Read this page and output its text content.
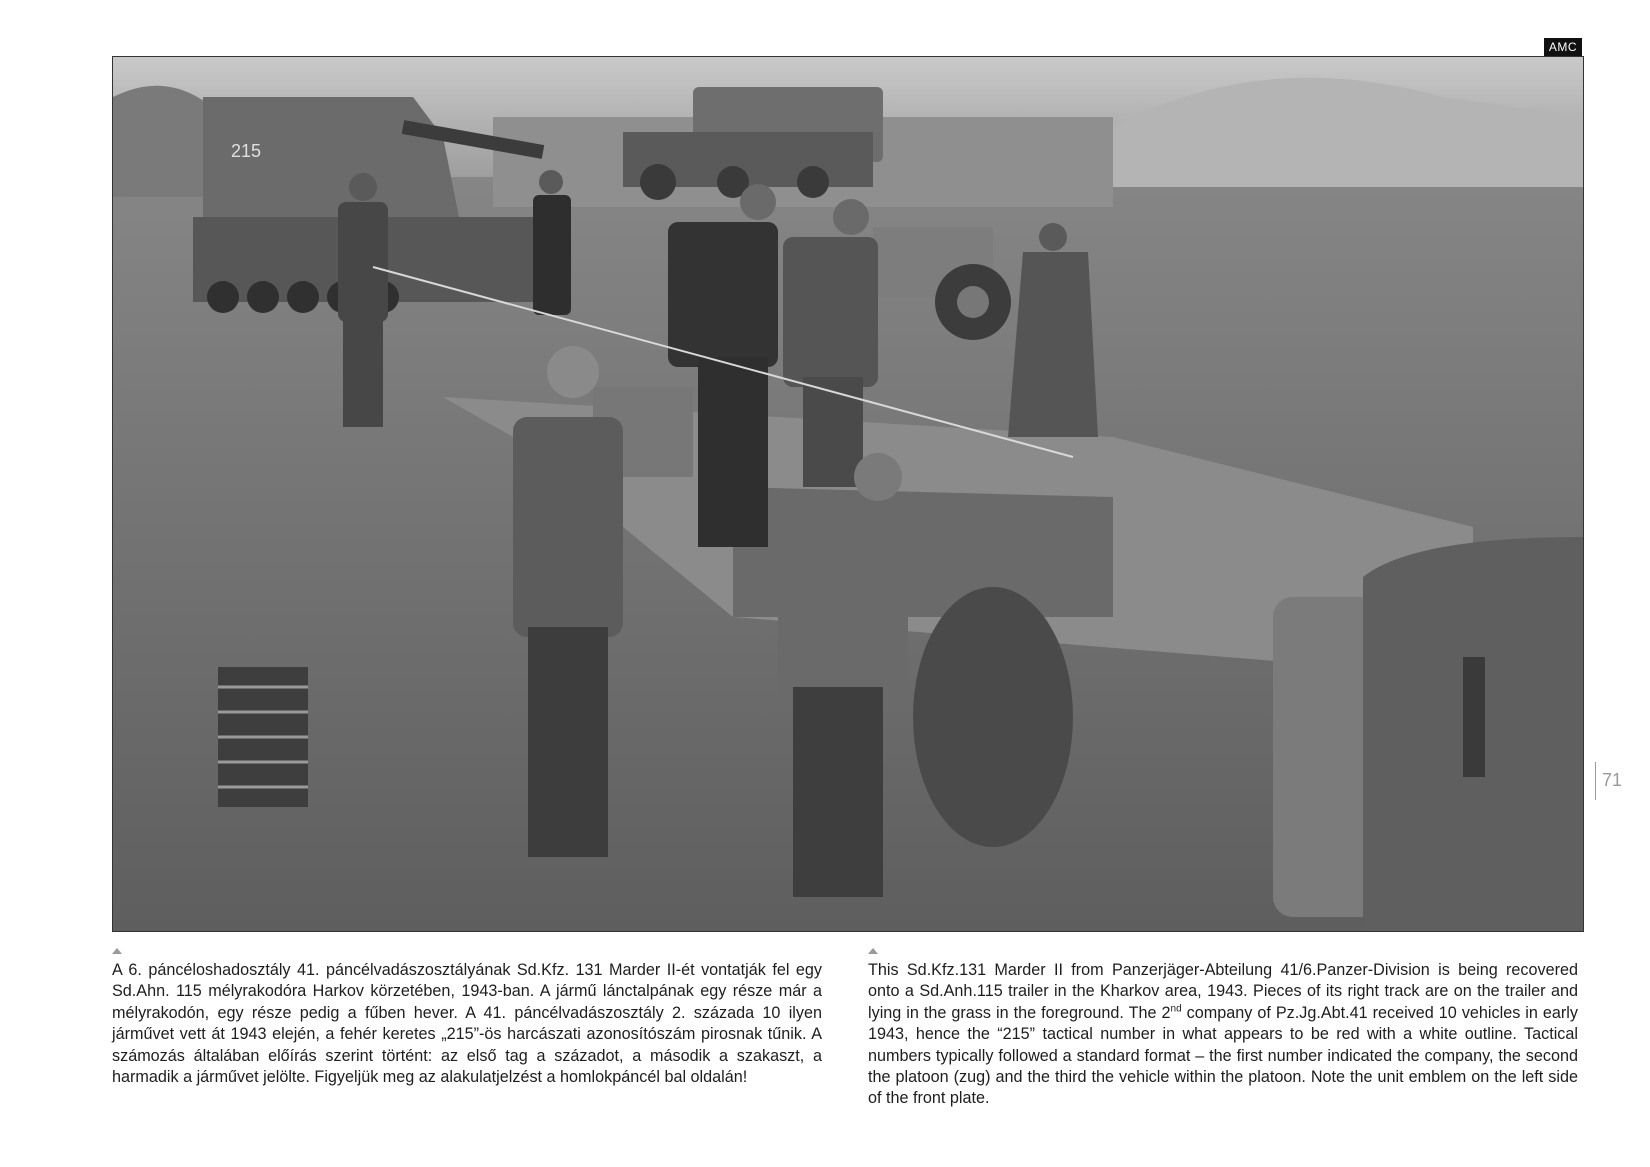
AMC
215
71

A 6. páncéloshadosztály 41. páncélvadászosztályának Sd.Kfz. 131 Marder II-ét vontatják fel egy Sd.Ahn. 115 mélyrakodóra Harkov körzetében, 1943-ban. A jármű lánctalpának egy része már a mélyrakodón, egy része pedig a fűben hever. A 41. páncélvadászosztály 2. százada 10 ilyen járművet vett át 1943 elején, a fehér keretes „215”-ös harcászati azonosítószám pirosnak tűnik. A számozás általában előírás szerint történt: az első tag a századot, a második a szakaszt, a harmadik a járművet jelölte. Figyeljük meg az alakulatjelzést a homlokpáncél bal oldalán!

This Sd.Kfz.131 Marder II from Panzerjäger-Abteilung 41/6.Panzer-Division is being recovered onto a Sd.Anh.115 trailer in the Kharkov area, 1943. Pieces of its right track are on the trailer and lying in the grass in the foreground. The 2nd company of Pz.Jg.Abt.41 received 10 vehicles in early 1943, hence the “215” tactical number in what appears to be red with a white outline. Tactical numbers typically followed a standard format – the first number indicated the company, the second the platoon (zug) and the third the vehicle within the platoon. Note the unit emblem on the left side of the front plate.
